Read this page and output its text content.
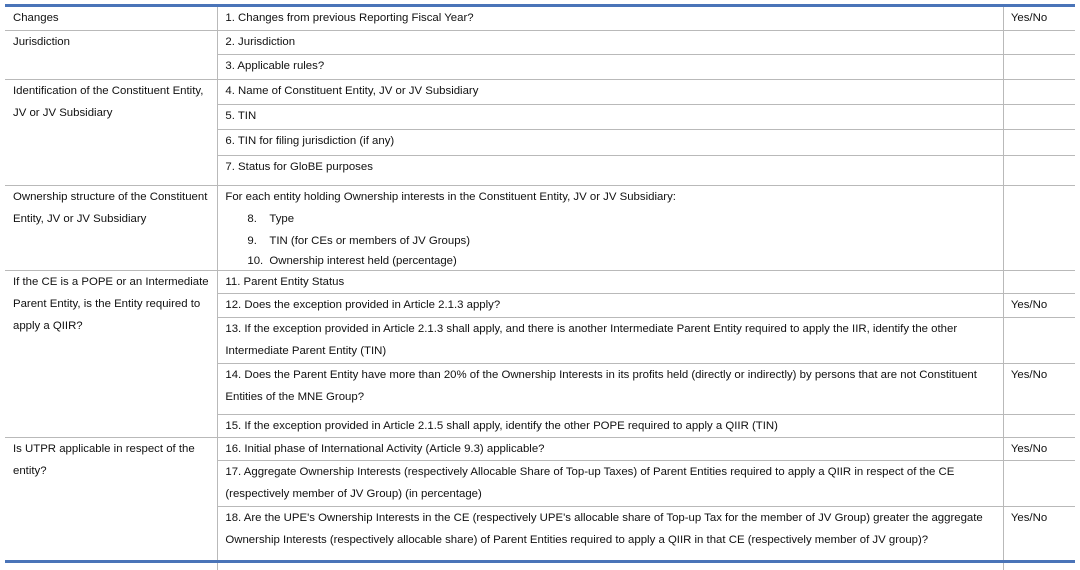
Changes	1. Changes from previous Reporting Fiscal Year?	Yes/No
Jurisdiction	2. Jurisdiction	
	3. Applicable rules?	
Identification of the Constituent Entity, JV or JV Subsidiary	4. Name of Constituent Entity, JV or JV Subsidiary	
	5. TIN	
	6. TIN for filing jurisdiction (if any)	
	7. Status for GloBE purposes	
Ownership structure of the Constituent Entity, JV or JV Subsidiary	For each entity holding Ownership interests in the Constituent Entity, JV or JV Subsidiary:
8. Type
9. TIN (for CEs or members of JV Groups)
10. Ownership interest held (percentage)	

If the CE is a POPE or an Intermediate Parent Entity, is the Entity required to apply a QIIR?	11. Parent Entity Status	
	12. Does the exception provided in Article 2.1.3 apply?	Yes/No
	13. If the exception provided in Article 2.1.3 shall apply, and there is another Intermediate Parent Entity required to apply the IIR, identify the other Intermediate Parent Entity (TIN)	
	14. Does the Parent Entity have more than 20% of the Ownership Interests in its profits held (directly or indirectly) by persons that are not Constituent Entities of the MNE Group?	Yes/No
	15. If the exception provided in Article 2.1.5 shall apply, identify the other POPE required to apply a QIIR (TIN)	
Is UTPR applicable in respect of the entity?	16. Initial phase of International Activity (Article 9.3) applicable?	Yes/No
	17. Aggregate Ownership Interests (respectively Allocable Share of Top-up Taxes) of Parent Entities required to apply a QIIR in respect of the CE (respectively member of JV Group) (in percentage)	
	18. Are the UPE's Ownership Interests in the CE (respectively UPE's allocable share of Top-up Tax for the member of JV Group) greater the aggregate Ownership Interests (respectively allocable share) of Parent Entities required to apply a QIIR in that CE (respectively member of JV group)?	Yes/No
